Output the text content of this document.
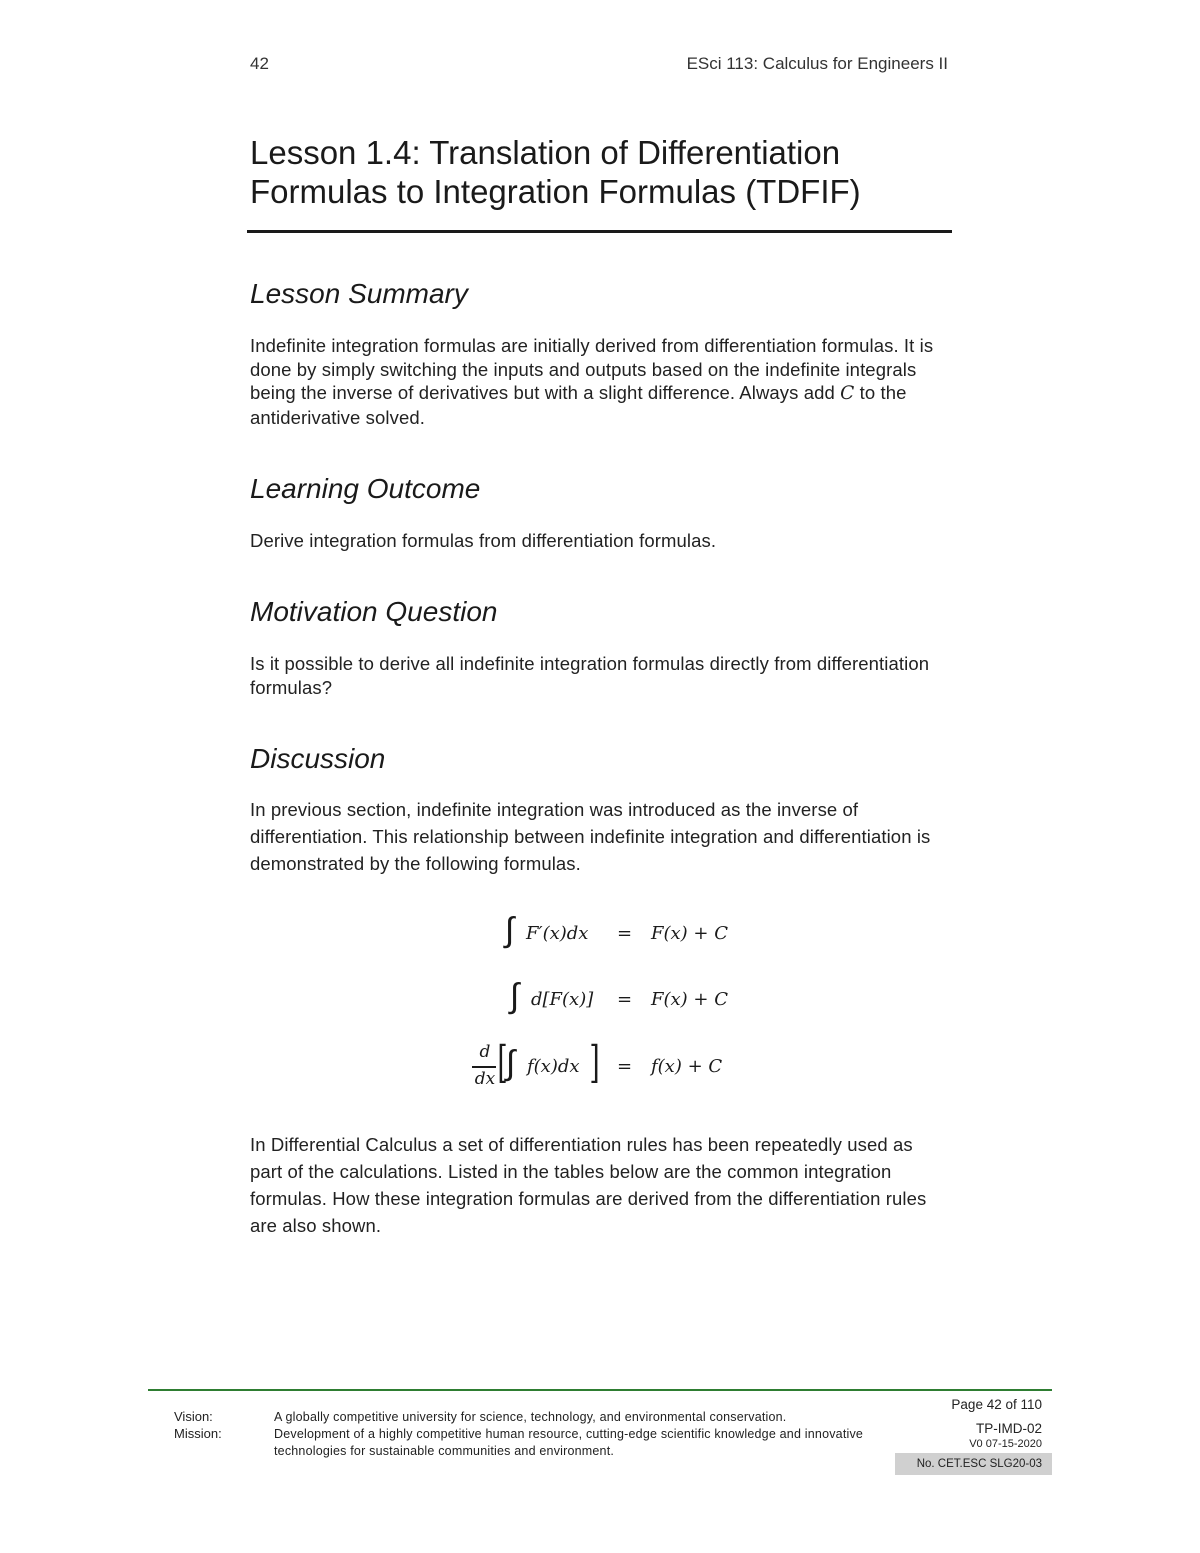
42	ESci 113: Calculus for Engineers II
Lesson 1.4: Translation of Differentiation Formulas to Integration Formulas (TDFIF)
Lesson Summary

Indefinite integration formulas are initially derived from differentiation formulas. It is done by simply switching the inputs and outputs based on the indefinite integrals being the inverse of derivatives but with a slight difference. Always add C to the antiderivative solved.

Learning Outcome

Derive integration formulas from differentiation formulas.

Motivation Question

Is it possible to derive all indefinite integration formulas directly from differentiation formulas?

Discussion

In previous section, indefinite integration was introduced as the inverse of differentiation. This relationship between indefinite integration and differentiation is demonstrated by the following formulas.

∫ F′(x)dx = F(x) + C
∫ d[F(x)] = F(x) + C
d
dx [
∫ f(x)dx ] = f(x) + C

In Differential Calculus a set of differentiation rules has been repeatedly used as part of the calculations. Listed in the tables below are the common integration formulas. How these integration formulas are derived from the differentiation rules are also shown.

Vision:	A globally competitive university for science, technology, and environmental conservation.
Mission:	Development of a highly competitive human resource, cutting-edge scientific knowledge and innovative technologies for sustainable communities and environment.
Page 42 of 110
TP-IMD-02
V0 07-15-2020
No. CET.ESC SLG20-03
